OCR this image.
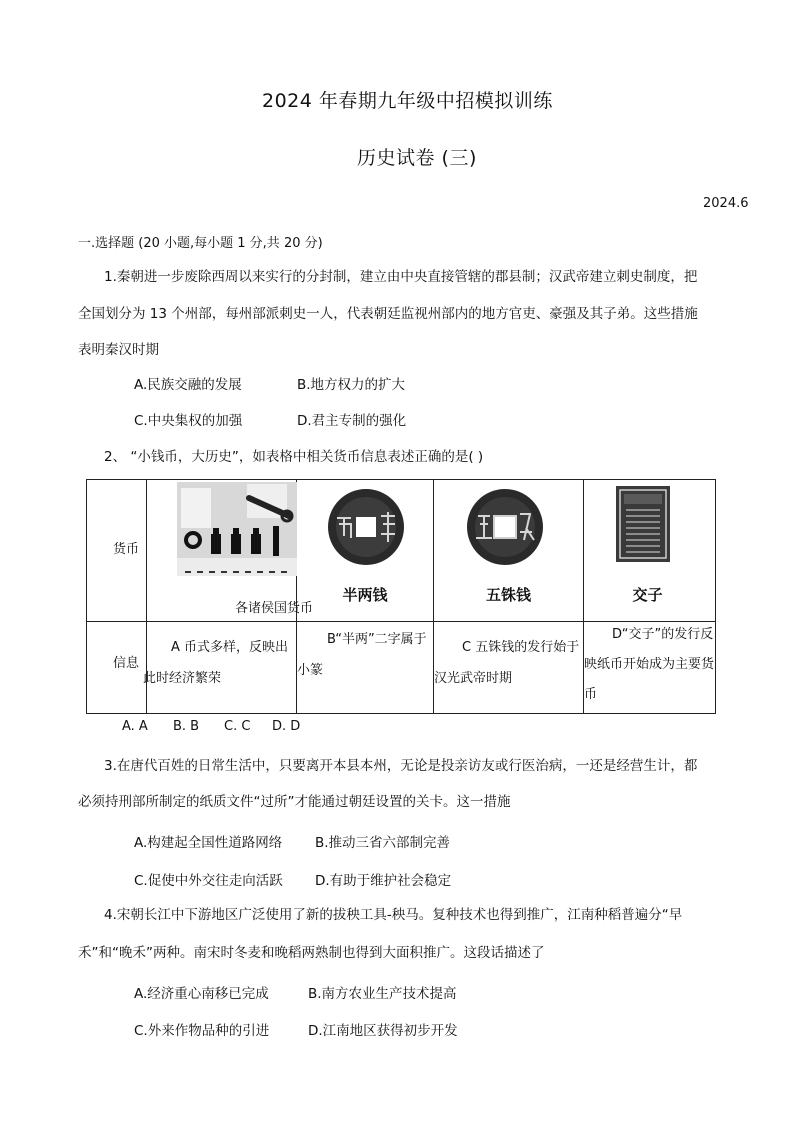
2024 年春期九年级中招模拟训练
历史试卷 (三)
2024.6
一.选择题 (20 小题,每小题 1 分,共 20 分)
1.秦朝进一步废除西周以来实行的分封制，建立由中央直接管辖的郡县制；汉武帝建立刺史制度，把
全国划分为 13 个州部，每州部派刺史一人，代表朝廷监视州部内的地方官吏、豪强及其子弟。这些措施
表明秦汉时期
A.民族交融的发展	B.地方权力的扩大
C.中央集权的加强	D.君主专制的强化
2、 “小钱币，大历史”，如表格中相关货币信息表述正确的是( )
货币	各诸侯国货币	半两钱	五铢钱	交子

信息	A 币式多样，反映出此时经济繁荣	B“半两”二字属于小篆	C 五铢钱的发行始于汉光武帝时期	D“交子”的发行反映纸币开始成为主要货币
A. A B. B C. C D. D
3.在唐代百姓的日常生活中，只要离开本县本州，无论是投亲访友或行医治病，一还是经营生计，都
必须持刑部所制定的纸质文件“过所”才能通过朝廷设置的关卡。这一措施
A.构建起全国性道路网络 B.推动三省六部制完善
C.促使中外交往走向活跃 D.有助于维护社会稳定
4.宋朝长江中下游地区广泛使用了新的拔秧工具-秧马。复种技术也得到推广，江南种稻普遍分“早
禾”和“晚禾”两种。南宋时冬麦和晚稻两熟制也得到大面积推广。这段话描述了
A.经济重心南移已完成	B.南方农业生产技术提高
C.外来作物品种的引进	D.江南地区获得初步开发
